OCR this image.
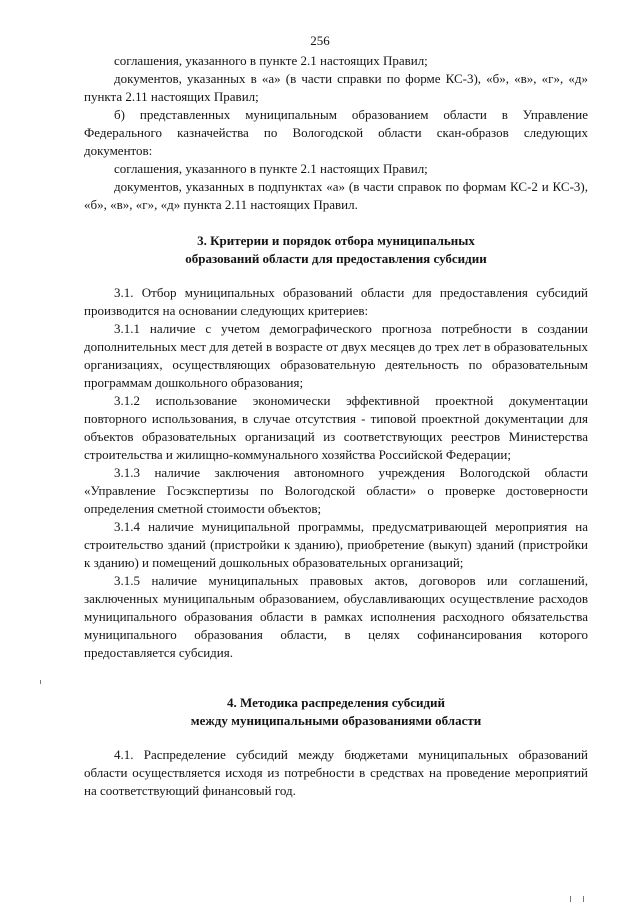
256

соглашения, указанного в пункте 2.1 настоящих Правил;

документов, указанных в «а» (в части справки по форме КС-3), «б», «в», «г», «д» пункта 2.11 настоящих Правил;

б) представленных муниципальным образованием области в Управление Федерального казначейства по Вологодской области скан-образов следующих документов:

соглашения, указанного в пункте 2.1 настоящих Правил;

документов, указанных в подпунктах «а» (в части справок по формам КС-2 и КС-3), «б», «в», «г», «д» пункта 2.11 настоящих Правил.

3. Критерии и порядок отбора муниципальных
образований области для предоставления субсидии

3.1. Отбор муниципальных образований области для предоставления субсидий производится на основании следующих критериев:

3.1.1 наличие с учетом демографического прогноза потребности в создании дополнительных мест для детей в возрасте от двух месяцев до трех лет в образовательных организациях, осуществляющих образовательную деятельность по образовательным программам дошкольного образования;

3.1.2 использование экономически эффективной проектной документации повторного использования, в случае отсутствия - типовой проектной документации для объектов образовательных организаций из соответствующих реестров Министерства строительства и жилищно-коммунального хозяйства Российской Федерации;

3.1.3 наличие заключения автономного учреждения Вологодской области «Управление Госэкспертизы по Вологодской области» о проверке достоверности определения сметной стоимости объектов;

3.1.4 наличие муниципальной программы, предусматривающей мероприятия на строительство зданий (пристройки к зданию), приобретение (выкуп) зданий (пристройки к зданию) и помещений дошкольных образовательных организаций;

3.1.5 наличие муниципальных правовых актов, договоров или соглашений, заключенных муниципальным образованием, обуславливающих осуществление расходов муниципального образования области в рамках исполнения расходного обязательства муниципального образования области, в целях софинансирования которого предоставляется субсидия.

4. Методика распределения субсидий
между муниципальными образованиями области

4.1. Распределение субсидий между бюджетами муниципальных образований области осуществляется исходя из потребности в средствах на проведение мероприятий на соответствующий финансовый год.
